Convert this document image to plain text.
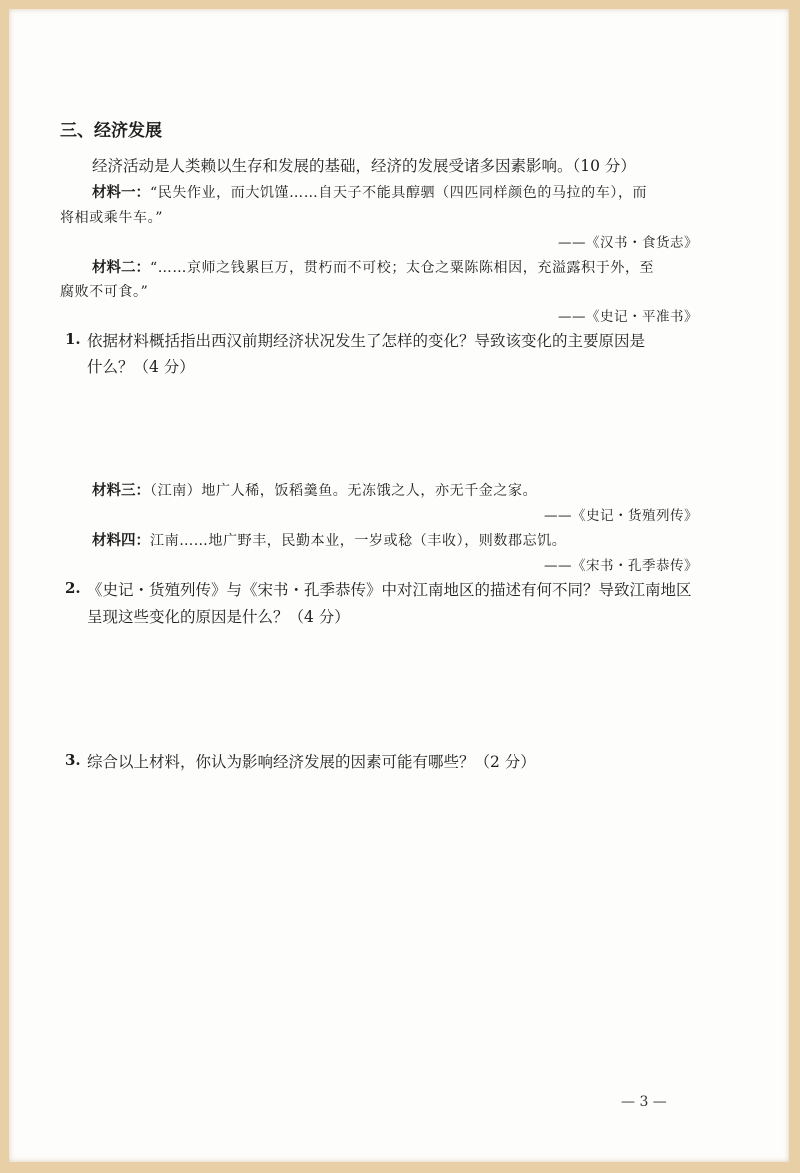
三、经济发展
经济活动是人类赖以生存和发展的基础，经济的发展受诸多因素影响。（10 分）
材料一：“民失作业，而大饥馑……自天子不能具醇驷（四匹同样颜色的马拉的车），而
将相或乘牛车。”
——《汉书・食货志》
材料二：“……京师之钱累巨万，贯朽而不可校；太仓之粟陈陈相因，充溢露积于外，至
腐败不可食。”
——《史记・平准书》
1. 依据材料概括指出西汉前期经济状况发生了怎样的变化？导致该变化的主要原因是
什么？（4 分）
材料三：（江南）地广人稀，饭稻羹鱼。无冻饿之人，亦无千金之家。
——《史记・货殖列传》
材料四：江南……地广野丰，民勤本业，一岁或稔（丰收），则数郡忘饥。
——《宋书・孔季恭传》
2. 《史记・货殖列传》与《宋书・孔季恭传》中对江南地区的描述有何不同？导致江南地区
呈现这些变化的原因是什么？（4 分）
3. 综合以上材料，你认为影响经济发展的因素可能有哪些？（2 分）
— 3 —
